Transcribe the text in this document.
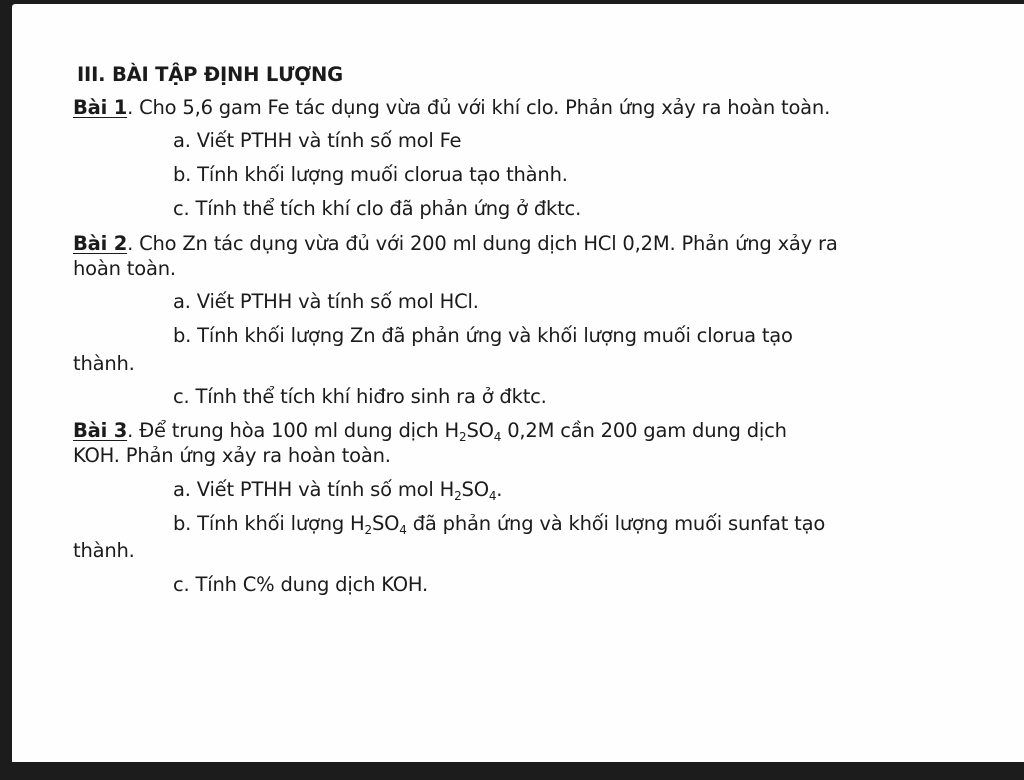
III. BÀI TẬP ĐỊNH LƯỢNG
Bài 1. Cho 5,6 gam Fe tác dụng vừa đủ với khí clo. Phản ứng xảy ra hoàn toàn.
a. Viết PTHH và tính số mol Fe
b. Tính khối lượng muối clorua tạo thành.
c. Tính thể tích khí clo đã phản ứng ở đktc.
Bài 2. Cho Zn tác dụng vừa đủ với 200 ml dung dịch HCl 0,2M. Phản ứng xảy ra
hoàn toàn.
a. Viết PTHH và tính số mol HCl.
b. Tính khối lượng Zn đã phản ứng và khối lượng muối clorua tạo
thành.
c. Tính thể tích khí hiđro sinh ra ở đktc.
Bài 3. Để trung hòa 100 ml dung dịch $H_2SO_4$ 0,2M cần 200 gam dung dịch
KOH. Phản ứng xảy ra hoàn toàn.
a. Viết PTHH và tính số mol $H_2SO_4$.
b. Tính khối lượng $H_2SO_4$ đã phản ứng và khối lượng muối sunfat tạo
thành.
c. Tính C% dung dịch KOH.
